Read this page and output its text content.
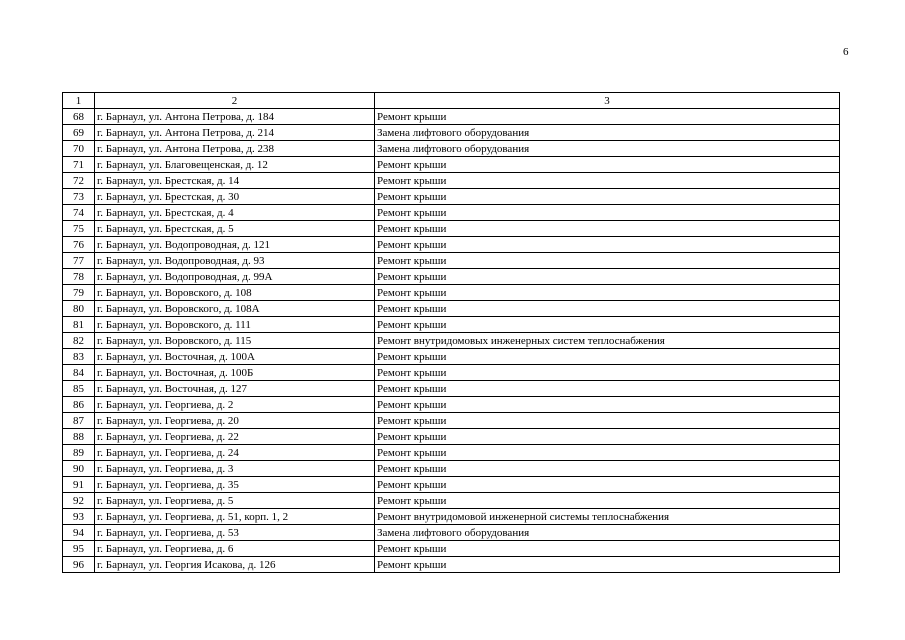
6
1	2	3
68	г. Барнаул, ул. Антона Петрова, д. 184	Ремонт крыши
69	г. Барнаул, ул. Антона Петрова, д. 214	Замена лифтового оборудования
70	г. Барнаул, ул. Антона Петрова, д. 238	Замена лифтового оборудования
71	г. Барнаул, ул. Благовещенская, д. 12	Ремонт крыши
72	г. Барнаул, ул. Брестская, д. 14	Ремонт крыши
73	г. Барнаул, ул. Брестская, д. 30	Ремонт крыши
74	г. Барнаул, ул. Брестская, д. 4	Ремонт крыши
75	г. Барнаул, ул. Брестская, д. 5	Ремонт крыши
76	г. Барнаул, ул. Водопроводная, д. 121	Ремонт крыши
77	г. Барнаул, ул. Водопроводная, д. 93	Ремонт крыши
78	г. Барнаул, ул. Водопроводная, д. 99А	Ремонт крыши
79	г. Барнаул, ул. Воровского, д. 108	Ремонт крыши
80	г. Барнаул, ул. Воровского, д. 108А	Ремонт крыши
81	г. Барнаул, ул. Воровского, д. 111	Ремонт крыши
82	г. Барнаул, ул. Воровского, д. 115	Ремонт внутридомовых инженерных систем теплоснабжения
83	г. Барнаул, ул. Восточная, д. 100А	Ремонт крыши
84	г. Барнаул, ул. Восточная, д. 100Б	Ремонт крыши
85	г. Барнаул, ул. Восточная, д. 127	Ремонт крыши
86	г. Барнаул, ул. Георгиева, д. 2	Ремонт крыши
87	г. Барнаул, ул. Георгиева, д. 20	Ремонт крыши
88	г. Барнаул, ул. Георгиева, д. 22	Ремонт крыши
89	г. Барнаул, ул. Георгиева, д. 24	Ремонт крыши
90	г. Барнаул, ул. Георгиева, д. 3	Ремонт крыши
91	г. Барнаул, ул. Георгиева, д. 35	Ремонт крыши
92	г. Барнаул, ул. Георгиева, д. 5	Ремонт крыши
93	г. Барнаул, ул. Георгиева, д. 51, корп. 1, 2	Ремонт внутридомовой инженерной системы теплоснабжения
94	г. Барнаул, ул. Георгиева, д. 53	Замена лифтового оборудования
95	г. Барнаул, ул. Георгиева, д. 6	Ремонт крыши
96	г. Барнаул, ул. Георгия Исакова, д. 126	Ремонт крыши
